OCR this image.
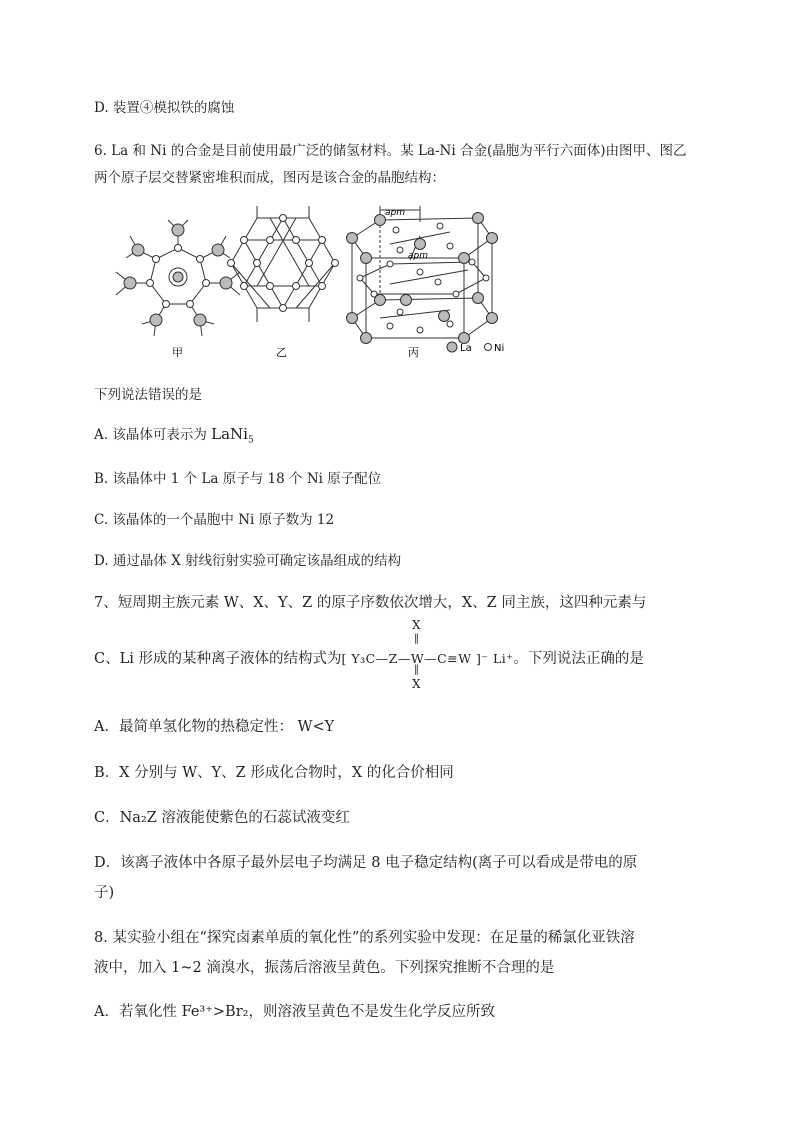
D. 装置④模拟铁的腐蚀
6. La 和 Ni 的合金是目前使用最广泛的储氢材料。某 La-Ni 合金(晶胞为平行六面体)由图甲、图乙
两个原子层交替紧密堆积而成，图丙是该合金的晶胞结构：
apm
apm
甲	乙	丙	La Ni
下列说法错误的是
A. 该晶体可表示为 LaNi$_5$
B. 该晶体中 1 个 La 原子与 18 个 Ni 原子配位
C. 该晶体的一个晶胞中 Ni 原子数为 12
D. 通过晶体 X 射线衍射实验可确定该晶组成的结构
7、短周期主族元素 W、X、Y、Z 的原子序数依次增大，X、Z 同主族，这四种元素与
C、Li 形成的某种离子液体的结构式为[ Y₃C—Z—W—C≡W ]⁻ Li⁺。下列说法正确的是
X
‖
‖
X
A．最简单氢化物的热稳定性： W<Y
B．X 分别与 W、Y、Z 形成化合物时，X 的化合价相同
C．Na₂Z 溶液能使紫色的石蕊试液变红
D．该离子液体中各原子最外层电子均满足 8 电子稳定结构(离子可以看成是带电的原
子)
8. 某实验小组在“探究卤素单质的氧化性”的系列实验中发现：在足量的稀氯化亚铁溶
液中，加入 1~2 滴溴水，振荡后溶液呈黄色。下列探究推断不合理的是
A．若氧化性 Fe³⁺>Br₂，则溶液呈黄色不是发生化学反应所致
